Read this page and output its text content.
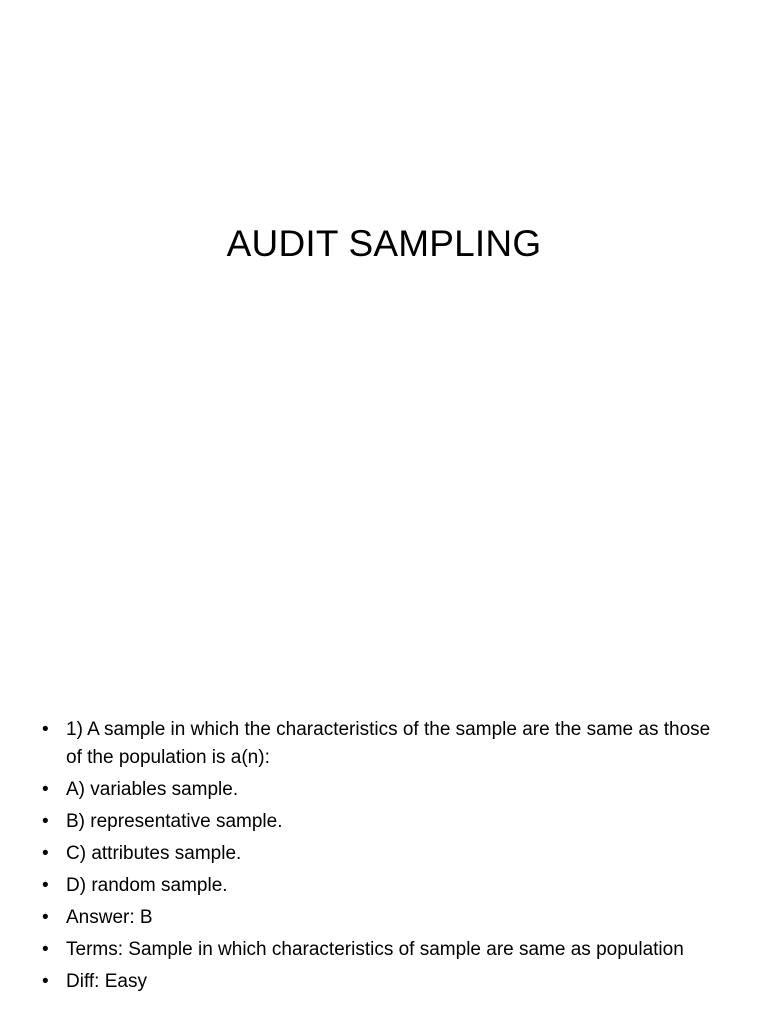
AUDIT SAMPLING
• 1) A sample in which the characteristics of the sample are the same as those of the population is a(n):
• A) variables sample.
• B) representative sample.
• C) attributes sample.
• D) random sample.
• Answer: B
• Terms: Sample in which characteristics of sample are same as population
• Diff: Easy
